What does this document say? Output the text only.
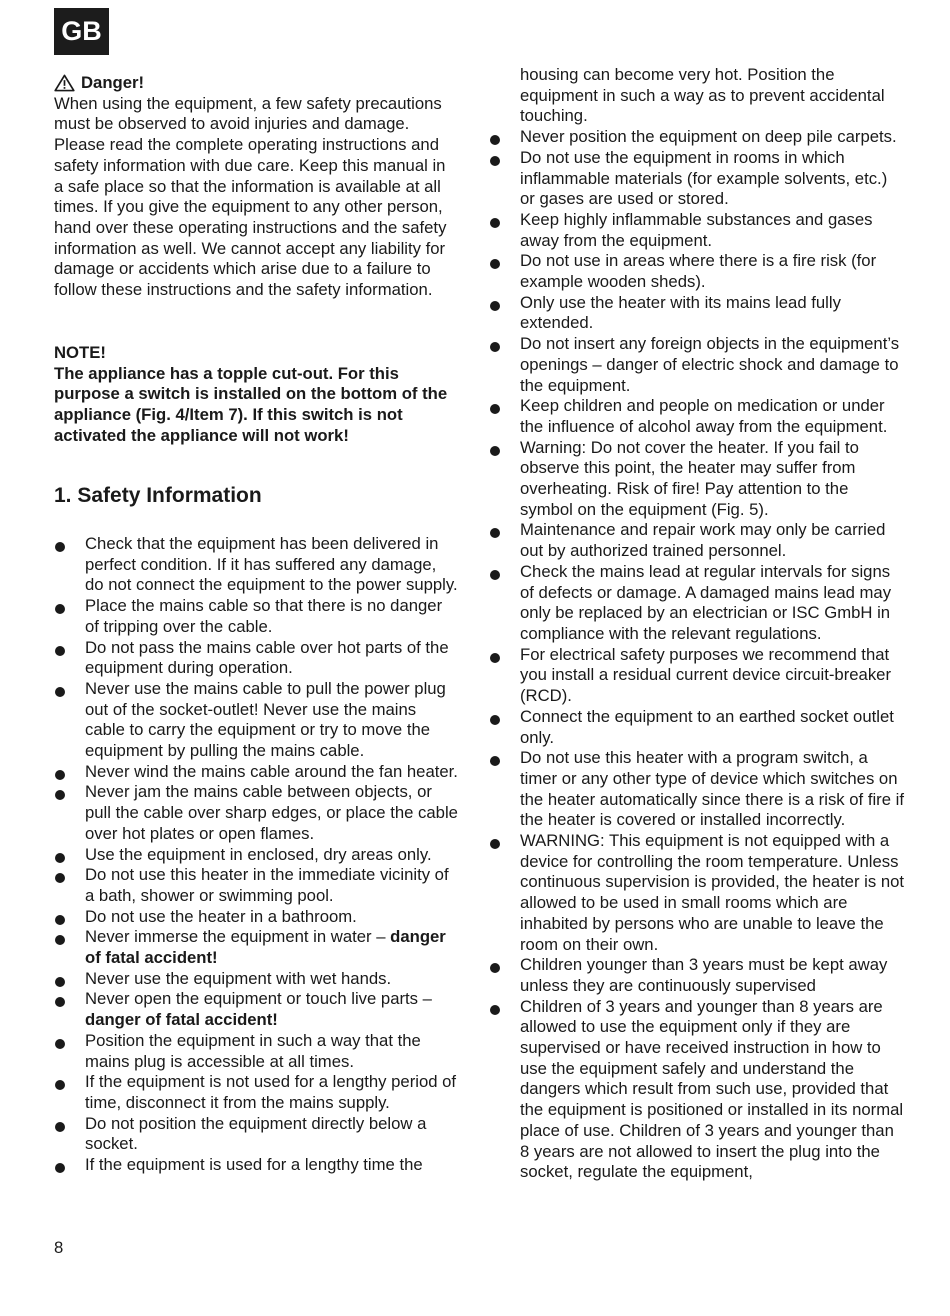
GB
Danger!
When using the equipment, a few safety precautions must be observed to avoid injuries and damage. Please read the complete operating instructions and safety information with due care. Keep this manual in a safe place so that the information is available at all times. If you give the equipment to any other person, hand over these operating instructions and the safety information as well. We cannot accept any liability for damage or accidents which arise due to a failure to follow these instructions and the safety information.
NOTE!
The appliance has a topple cut-out. For this purpose a switch is installed on the bottom of the appliance (Fig. 4/Item 7). If this switch is not activated the appliance will not work!
1. Safety Information
Check that the equipment has been delivered in perfect condition. If it has suffered any damage, do not connect the equipment to the power supply.
Place the mains cable so that there is no danger of tripping over the cable.
Do not pass the mains cable over hot parts of the equipment during operation.
Never use the mains cable to pull the power plug out of the socket-outlet! Never use the mains cable to carry the equipment or try to move the equipment by pulling the mains cable.
Never wind the mains cable around the fan heater.
Never jam the mains cable between objects, or pull the cable over sharp edges, or place the cable over hot plates or open flames.
Use the equipment in enclosed, dry areas only.
Do not use this heater in the immediate vicinity of a bath, shower or swimming pool.
Do not use the heater in a bathroom.
Never immerse the equipment in water – danger of fatal accident!
Never use the equipment with wet hands.
Never open the equipment or touch live parts – danger of fatal accident!
Position the equipment in such a way that the mains plug is accessible at all times.
If the equipment is not used for a lengthy period of time, disconnect it from the mains supply.
Do not position the equipment directly below a socket.
If the equipment is used for a lengthy time the
housing can become very hot. Position the equipment in such a way as to prevent accidental touching.
Never position the equipment on deep pile carpets.
Do not use the equipment in rooms in which inflammable materials (for example solvents, etc.) or gases are used or stored.
Keep highly inflammable substances and gases away from the equipment.
Do not use in areas where there is a fire risk (for example wooden sheds).
Only use the heater with its mains lead fully extended.
Do not insert any foreign objects in the equipment’s openings – danger of electric shock and damage to the equipment.
Keep children and people on medication or under the influence of alcohol away from the equipment.
Warning: Do not cover the heater. If you fail to observe this point, the heater may suffer from overheating. Risk of fire! Pay attention to the symbol on the equipment (Fig. 5).
Maintenance and repair work may only be carried out by authorized trained personnel.
Check the mains lead at regular intervals for signs of defects or damage. A damaged mains lead may only be replaced by an electrician or ISC GmbH in compliance with the relevant regulations.
For electrical safety purposes we recommend that you install a residual current device circuit-breaker (RCD).
Connect the equipment to an earthed socket outlet only.
Do not use this heater with a program switch, a timer or any other type of device which switches on the heater automatically since there is a risk of fire if the heater is covered or installed incorrectly.
WARNING: This equipment is not equipped with a device for controlling the room temperature. Unless continuous supervision is provided, the heater is not allowed to be used in small rooms which are inhabited by persons who are unable to leave the room on their own.
Children younger than 3 years must be kept away unless they are continuously supervised
Children of 3 years and younger than 8 years are allowed to use the equipment only if they are supervised or have received instruction in how to use the equipment safely and understand the dangers which result from such use, provided that the equipment is positioned or installed in its normal place of use. Children of 3 years and younger than 8 years are not allowed to insert the plug into the socket, regulate the equipment,
8
